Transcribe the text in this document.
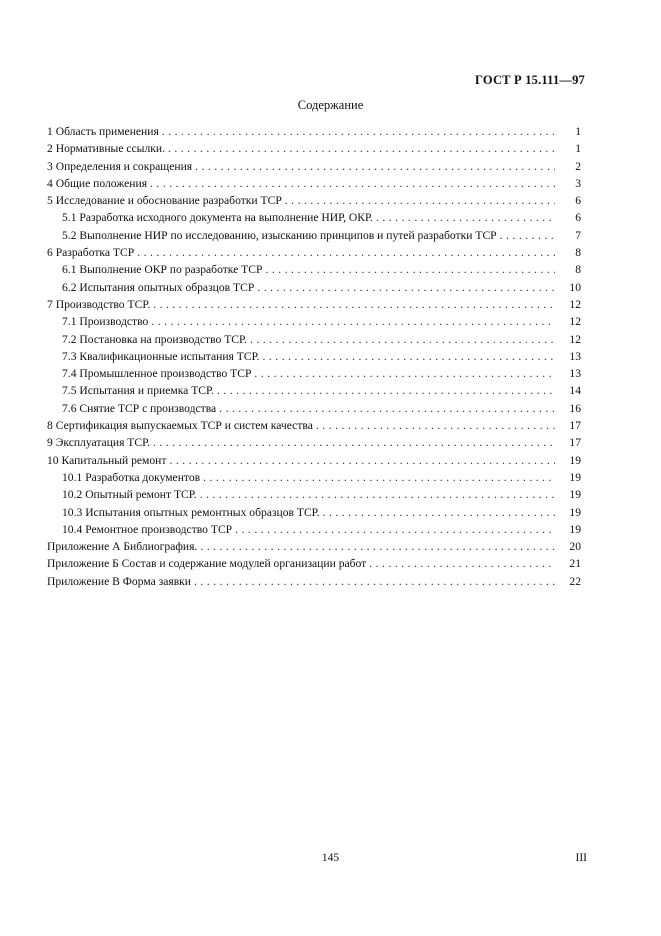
ГОСТ Р 15.111—97
Содержание
1 Область применения . . .	1
2 Нормативные ссылки. . . .	1
3 Определения и сокращения . . .	2
4 Общие положения . . .	3
5 Исследование и обоснование разработки ТСР . . .	6
5.1 Разработка исходного документа на выполнение НИР, ОКР. . . .	6
5.2 Выполнение НИР по исследованию, изысканию принципов и путей разработки ТСР . . .	7
6 Разработка ТСР . . .	8
6.1 Выполнение ОКР по разработке ТСР . . .	8
6.2 Испытания опытных образцов ТСР . . .	10
7 Производство ТСР. . . .	12
7.1 Производство . . .	12
7.2 Постановка на производство ТСР. . . .	12
7.3 Квалификационные испытания ТСР. . . .	13
7.4 Промышленное производство ТСР . . .	13
7.5 Испытания и приемка ТСР. . . .	14
7.6 Снятие ТСР с производства . . .	16
8 Сертификация выпускаемых ТСР и систем качества . . .	17
9 Эксплуатация ТСР. . . .	17
10 Капитальный ремонт . . .	19
10.1 Разработка документов . . .	19
10.2 Опытный ремонт ТСР. . . .	19
10.3 Испытания опытных ремонтных образцов ТСР. . . .	19
10.4 Ремонтное производство ТСР . . .	19
Приложение А Библиография. . . .	20
Приложение Б Состав и содержание модулей организации работ . . .	21
Приложение В Форма заявки . . .	22
145	III
